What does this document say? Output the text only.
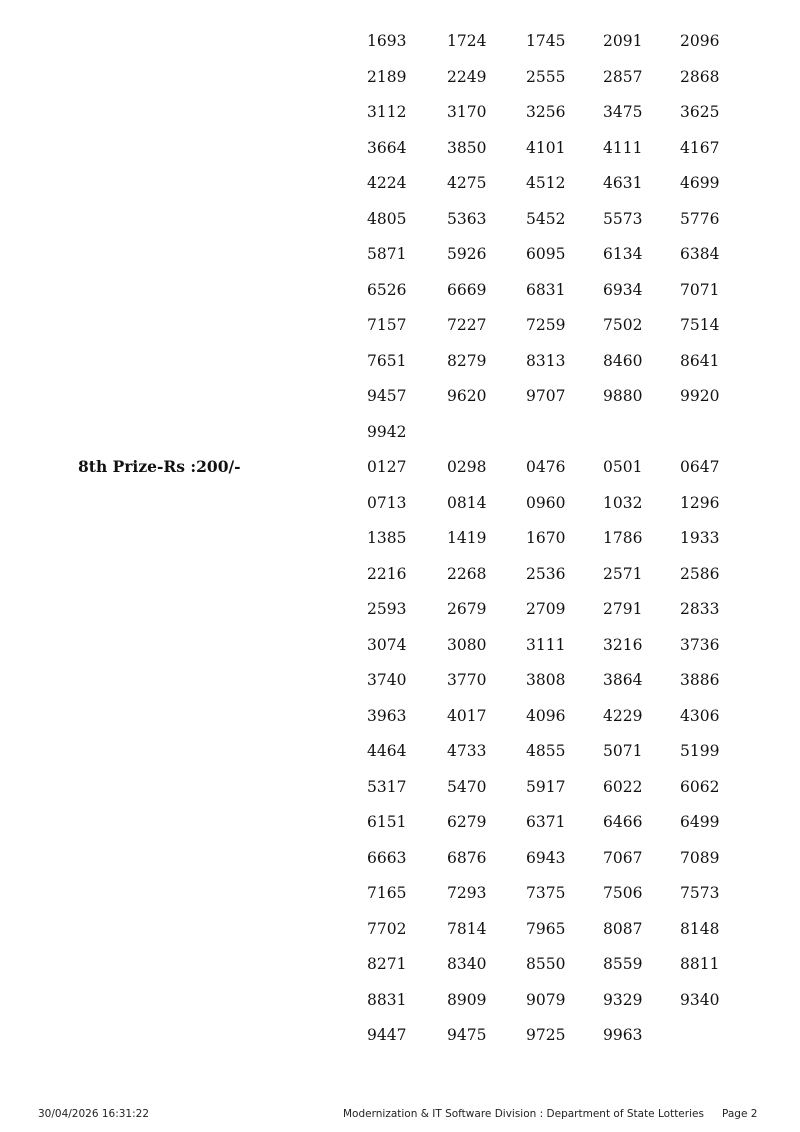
1693	1724	1745 2091 2096
2189	2249	2555 2857 2868
3112	3170	3256 3475 3625
3664	3850	4101 4111 4167
4224	4275	4512 4631 4699
4805	5363	5452 5573 5776
5871	5926	6095 6134 6384
6526	6669	6831 6934 7071
7157	7227	7259 7502 7514
7651	8279	8313 8460 8641
9457	9620	9707 9880 9920
9942
8th Prize-Rs :200/-	0127	0298	0476 0501 0647
0713	0814	0960 1032 1296
1385	1419	1670 1786 1933
2216	2268	2536 2571 2586
2593	2679	2709 2791 2833
3074	3080	3111 3216 3736
3740	3770	3808 3864 3886
3963	4017	4096 4229 4306
4464	4733	4855 5071 5199
5317	5470	5917 6022 6062
6151	6279	6371 6466 6499
6663	6876	6943 7067 7089
7165	7293	7375 7506 7573
7702	7814	7965 8087 8148
8271	8340	8550 8559 8811
8831	8909	9079 9329 9340
9447	9475	9725 9963
30/04/2026 16:31:22	Modernization & IT Software Division : Department of State Lotteries Page 2
